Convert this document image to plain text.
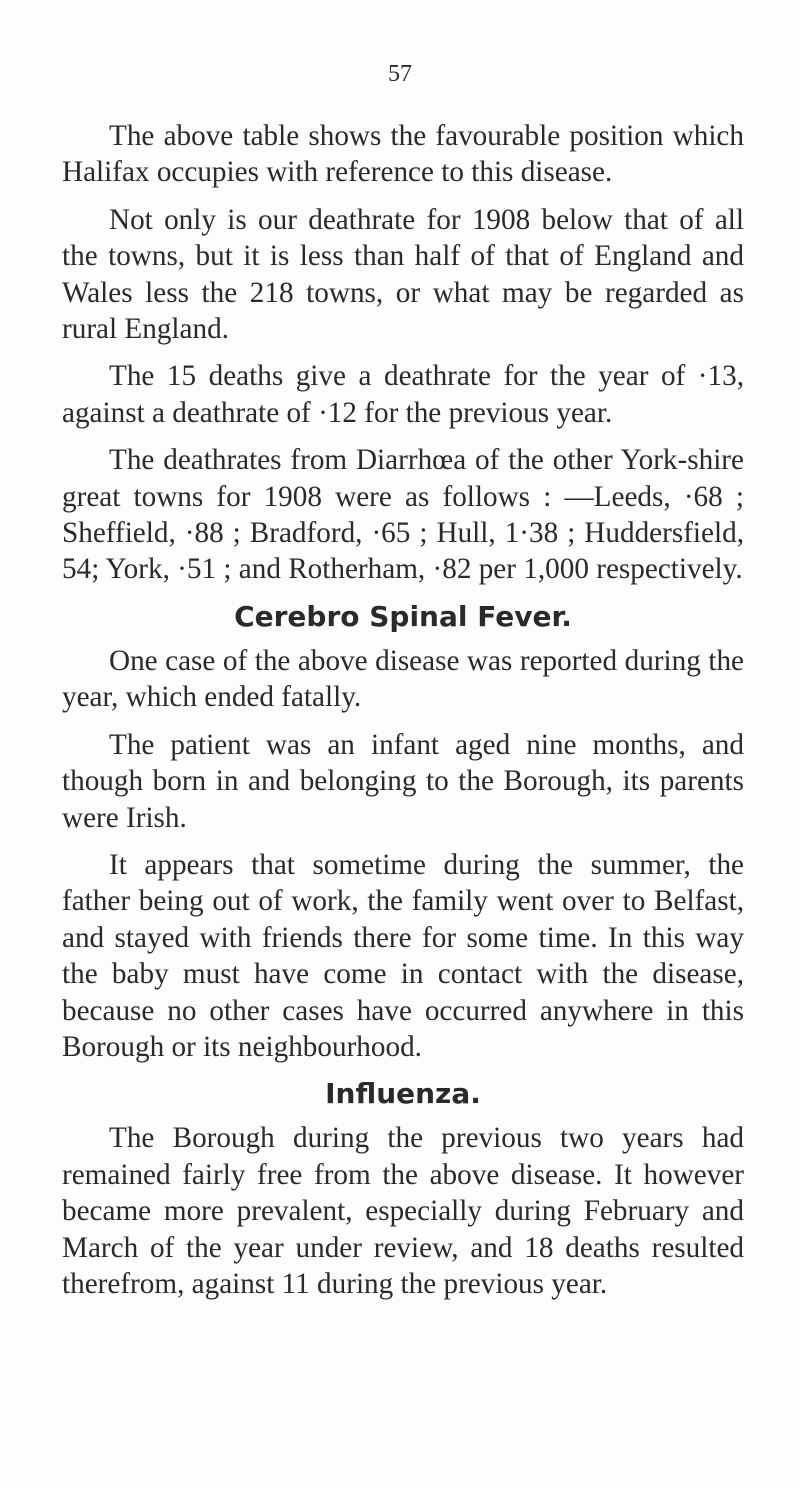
57

The above table shows the favourable position which Halifax occupies with reference to this disease.

Not only is our deathrate for 1908 below that of all the towns, but it is less than half of that of England and Wales less the 218 towns, or what may be regarded as rural England.

The 15 deaths give a deathrate for the year of ·13, against a deathrate of ·12 for the previous year.

The deathrates from Diarrhœa of the other York-shire great towns for 1908 were as follows : —Leeds, ·68 ; Sheffield, ·88 ; Bradford, ·65 ; Hull, 1·38 ; Huddersfield, 54; York, ·51 ; and Rotherham, ·82 per 1,000 respectively.

Cerebro Spinal Fever.

One case of the above disease was reported during the year, which ended fatally.

The patient was an infant aged nine months, and though born in and belonging to the Borough, its parents were Irish.

It appears that sometime during the summer, the father being out of work, the family went over to Belfast, and stayed with friends there for some time. In this way the baby must have come in contact with the disease, because no other cases have occurred anywhere in this Borough or its neighbourhood.

Influenza.

The Borough during the previous two years had remained fairly free from the above disease. It however became more prevalent, especially during February and March of the year under review, and 18 deaths resulted therefrom, against 11 during the previous year.
